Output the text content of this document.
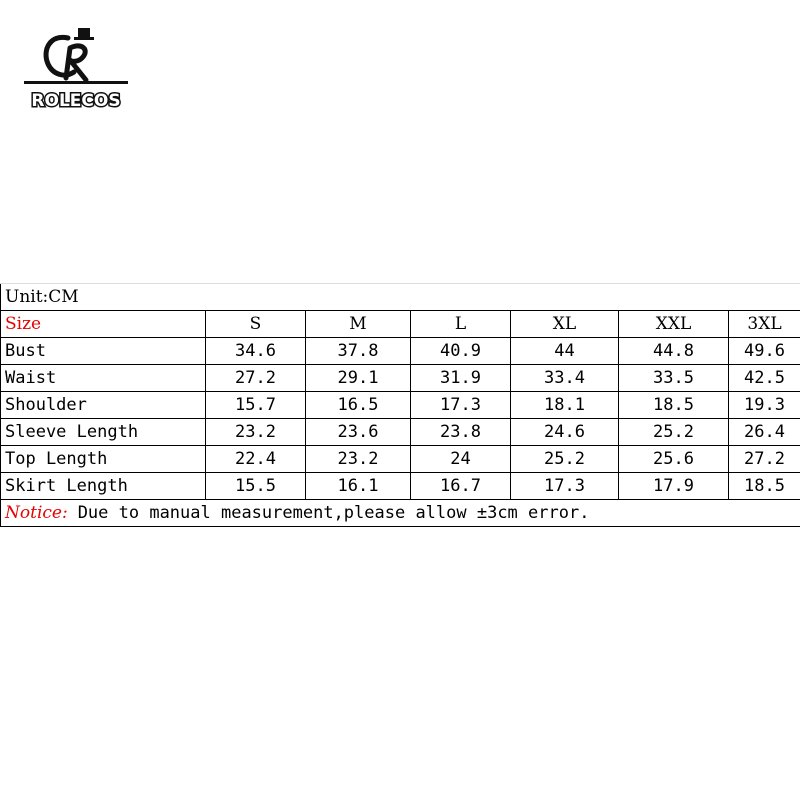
ROLECOS
Unit:CM						
Size	S	M	L	XL	XXL	3XL
Bust	34.6	37.8	40.9	44	44.8	49.6
Waist	27.2	29.1	31.9	33.4	33.5	42.5
Shoulder	15.7	16.5	17.3	18.1	18.5	19.3
Sleeve Length	23.2	23.6	23.8	24.6	25.2	26.4
Top Length	22.4	23.2	24	25.2	25.6	27.2
Skirt Length	15.5	16.1	16.7	17.3	17.9	18.5
Notice: Due to manual measurement,please allow ±3cm error.						
